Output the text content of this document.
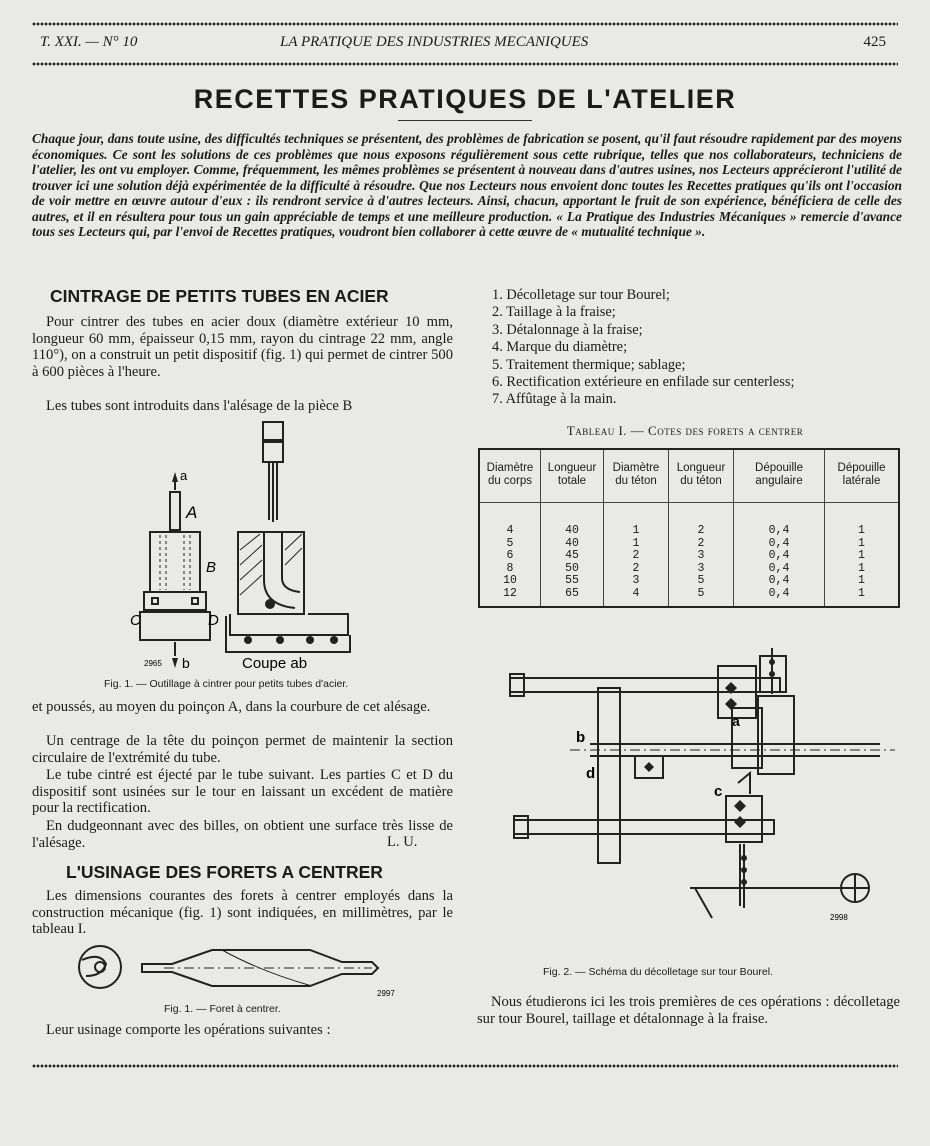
T. XXI. — N° 10	LA PRATIQUE DES INDUSTRIES MECANIQUES	425
RECETTES PRATIQUES DE L'ATELIER
Chaque jour, dans toute usine, des difficultés techniques se présentent, des problèmes de fabrication se posent, qu'il faut résoudre rapidement par des moyens économiques. Ce sont les solutions de ces problèmes que nous exposons régulièrement sous cette rubrique, telles que nos collaborateurs, techniciens de l'atelier, les ont vu employer. Comme, fréquemment, les mêmes problèmes se présentent à nouveau dans d'autres usines, nos Lecteurs apprécieront l'utilité de trouver ici une solution déjà expérimentée de la difficulté à résoudre. Que nos Lecteurs nous envoient donc toutes les Recettes pratiques qu'ils ont l'occasion de voir mettre en œuvre autour d'eux : ils rendront service à d'autres lecteurs. Ainsi, chacun, apportant le fruit de son expérience, bénéficiera de celle des autres, et il en résultera pour tous un gain appréciable de temps et une meilleure production. « La Pratique des Industries Mécaniques » remercie d'avance tous ses Lecteurs qui, par l'envoi de Recettes pratiques, voudront bien collaborer à cette œuvre de « mutualité technique ».
CINTRAGE DE PETITS TUBES EN ACIER
Pour cintrer des tubes en acier doux (diamètre extérieur 10 mm, longueur 60 mm, épaisseur 0,15 mm, rayon du cintrage 22 mm, angle 110°), on a construit un petit dispositif (fig. 1) qui permet de cintrer 500 à 600 pièces à l'heure.
Les tubes sont introduits dans l'alésage de la pièce B
a
A
B
C	D
b	Coupe ab
2965
Fig. 1. — Outillage à cintrer pour petits tubes d'acier.
et poussés, au moyen du poinçon A, dans la courbure de cet alésage.
Un centrage de la tête du poinçon permet de maintenir la section circulaire de l'extrémité du tube.
Le tube cintré est éjecté par le tube suivant. Les parties C et D du dispositif sont usinées sur le tour en laissant un excédent de matière pour la rectification.
En dudgeonnant avec des billes, on obtient une surface très lisse de l'alésage.	L. U.
L'USINAGE DES FORETS A CENTRER
Les dimensions courantes des forets à centrer employés dans la construction mécanique (fig. 1) sont indiquées, en millimètres, par le tableau I.
2997
Fig. 1. — Foret à centrer.
Leur usinage comporte les opérations suivantes :
1. Décolletage sur tour Bourel;
2. Taillage à la fraise;
3. Détalonnage à la fraise;
4. Marque du diamètre;
5. Traitement thermique; sablage;
6. Rectification extérieure en enfilade sur centerless;
7. Affûtage à la main.
Tableau I. — Cotes des forets a centrer
Diamètre du corps	Longueur totale	Diamètre du téton	Longueur du téton	Dépouille angulaire	Dépouille latérale
4	40	1	2	0,4	1
5	40	1	2	0,4	1
6	45	2	3	0,4	1
8	50	2	3	0,4	1
10	55	3	5	0,4	1
12	65	4	5	0,4	1
a
b
c
d
2998
Fig. 2. — Schéma du décolletage sur tour Bourel.
Nous étudierons ici les trois premières de ces opérations : décolletage sur tour Bourel, taillage et détalonnage à la fraise.
